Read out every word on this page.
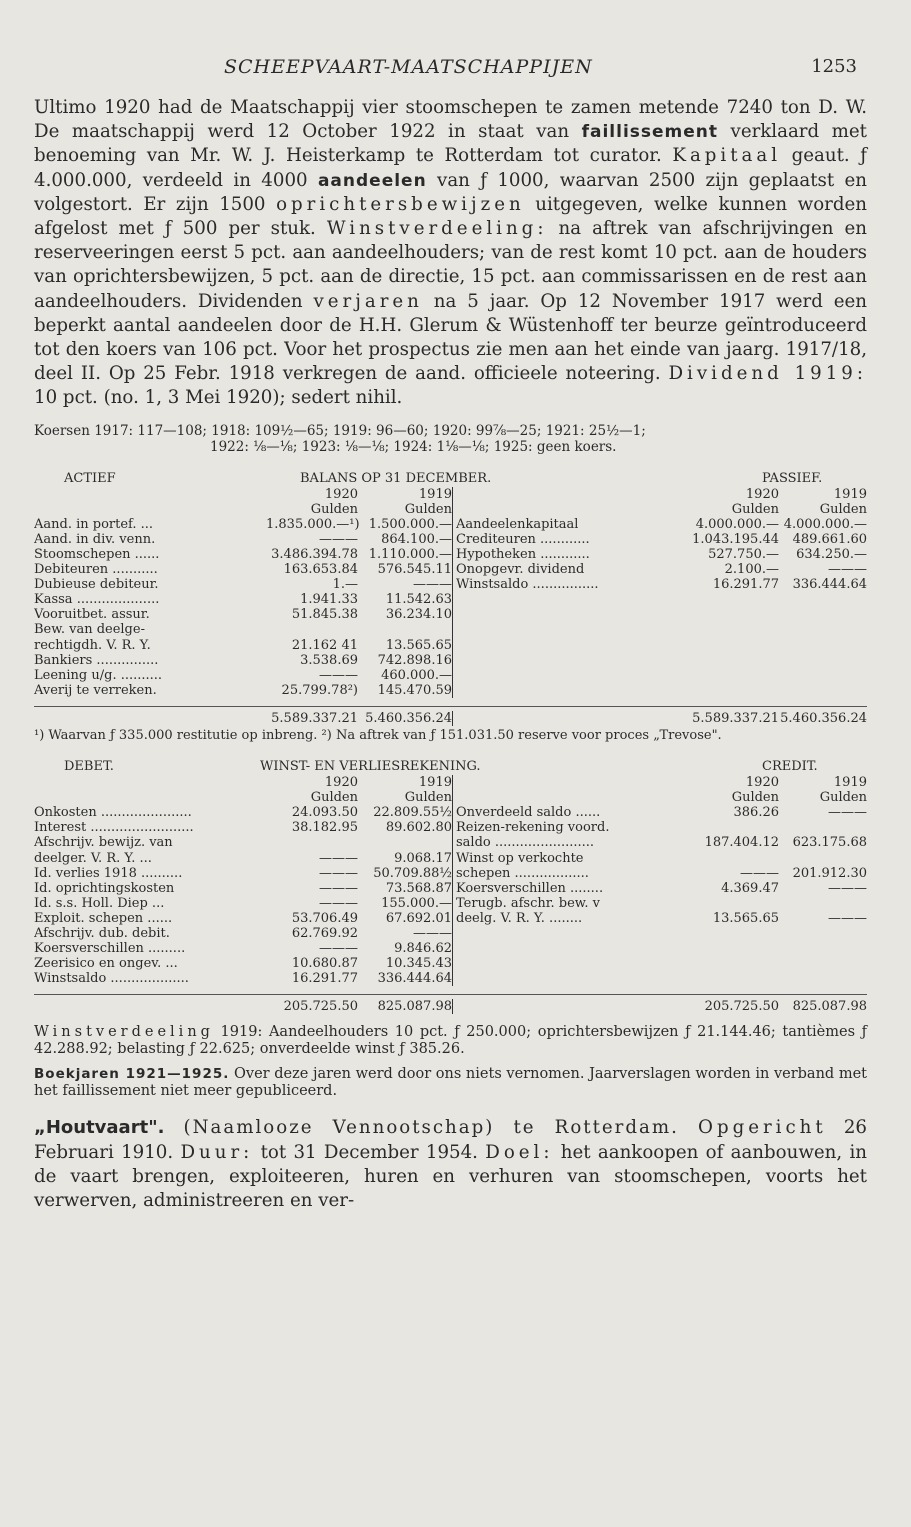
SCHEEPVAART-MAATSCHAPPIJEN	1253

Ultimo 1920 had de Maatschappij vier stoomschepen te zamen metende 7240 ton D. W. De maatschappij werd 12 October 1922 in staat van faillissement verklaard met benoeming van Mr. W. J. Heisterkamp te Rotterdam tot curator. Kapitaal geaut. ƒ 4.000.000, verdeeld in 4000 aandeelen van ƒ 1000, waarvan 2500 zijn geplaatst en volgestort. Er zijn 1500 oprichtersbewijzen uitgegeven, welke kunnen worden afgelost met ƒ 500 per stuk. Winstverdeeling: na aftrek van afschrijvingen en reserveeringen eerst 5 pct. aan aandeelhouders; van de rest komt 10 pct. aan de houders van oprichtersbewijzen, 5 pct. aan de directie, 15 pct. aan commissarissen en de rest aan aandeelhouders. Dividenden verjaren na 5 jaar. Op 12 November 1917 werd een beperkt aantal aandeelen door de H.H. Glerum & Wüstenhoff ter beurze geïntroduceerd tot den koers van 106 pct. Voor het prospectus zie men aan het einde van jaarg. 1917/18, deel II. Op 25 Febr. 1918 verkregen de aand. officieele noteering. Dividend 1919: 10 pct. (no. 1, 3 Mei 1920); sedert nihil.

Koersen 1917: 117—108; 1918: 109½—65; 1919: 96—60; 1920: 99⅞—25; 1921: 25½—1;
1922: ⅛—⅛; 1923: ⅛—⅛; 1924: 1⅛—⅛; 1925: geen koers.
ACTIEF	BALANS OP 31 DECEMBER.	PASSIEF.
1920	1919
Gulden	Gulden
Aand. in portef. ...	1.835.000.—¹) 1.500.000.—
Aand. in div. venn.	———	864.100.—
Stoomschepen ......	3.486.394.78 1.110.000.—
Debiteuren ...........	163.653.84	576.545.11
Dubieuse debiteur.	1.—	———
Kassa ....................	1.941.33	11.542.63
Vooruitbet. assur.	51.845.38	36.234.10
Bew. van deelge-
rechtigdh. V. R. Y.	21.162 41	13.565.65
Bankiers ...............	3.538.69	742.898.16
Leening u/g. ..........	———	460.000.—
Averij te verreken.	25.799.78²)	145.470.59
1920	1919
Gulden	Gulden
Aandeelenkapitaal	4.000.000.— 4.000.000.—
Crediteuren ............	1.043.195.44	489.661.60
Hypotheken ............	527.750.—	634.250.—
Onopgevr. dividend	2.100.—	———
Winstsaldo ................	16.291.77	336.444.64
5.589.337.21 5.460.356.24	5.589.337.21 5.460.356.24
¹) Waarvan ƒ 335.000 restitutie op inbreng. ²) Na aftrek van ƒ 151.031.50 reserve voor proces „Trevose".
DEBET.	WINST- EN VERLIESREKENING.	CREDIT.
1920	1919
Gulden	Gulden
Onkosten ......................	24.093.50	22.809.55½
Interest .........................	38.182.95	89.602.80
Afschrijv. bewijz. van
deelger. V. R. Y. ...	———	9.068.17
Id. verlies 1918 ..........	———	50.709.88½
Id. oprichtingskosten	———	73.568.87
Id. s.s. Holl. Diep ...	———	155.000.—
Exploit. schepen ......	53.706.49	67.692.01
Afschrijv. dub. debit.	62.769.92	———
Koersverschillen .........	———	9.846.62
Zeerisico en ongev. ...	10.680.87	10.345.43
Winstsaldo ...................	16.291.77	336.444.64
1920	1919
Gulden	Gulden
Onverdeeld saldo ......	386.26	———
Reizen-rekening voord.
saldo ........................	187.404.12	623.175.68
Winst op verkochte
schepen ..................	———	201.912.30
Koersverschillen ........	4.369.47	———
Terugb. afschr. bew. v
deelg. V. R. Y. ........	13.565.65	———
205.725.50	825.087.98	205.725.50	825.087.98

Winstverdeeling 1919: Aandeelhouders 10 pct. ƒ 250.000; oprichtersbewijzen ƒ 21.144.46; tantièmes ƒ 42.288.92; belasting ƒ 22.625; onverdeelde winst ƒ 385.26.

Boekjaren 1921—1925. Over deze jaren werd door ons niets vernomen. Jaarverslagen worden in verband met het faillissement niet meer gepubliceerd.

„Houtvaart". (Naamlooze Vennootschap) te Rotterdam. Opgericht 26 Februari 1910. Duur: tot 31 December 1954. Doel: het aankoopen of aanbouwen, in de vaart brengen, exploiteeren, huren en verhuren van stoomschepen, voorts het verwerven, administreeren en ver-
